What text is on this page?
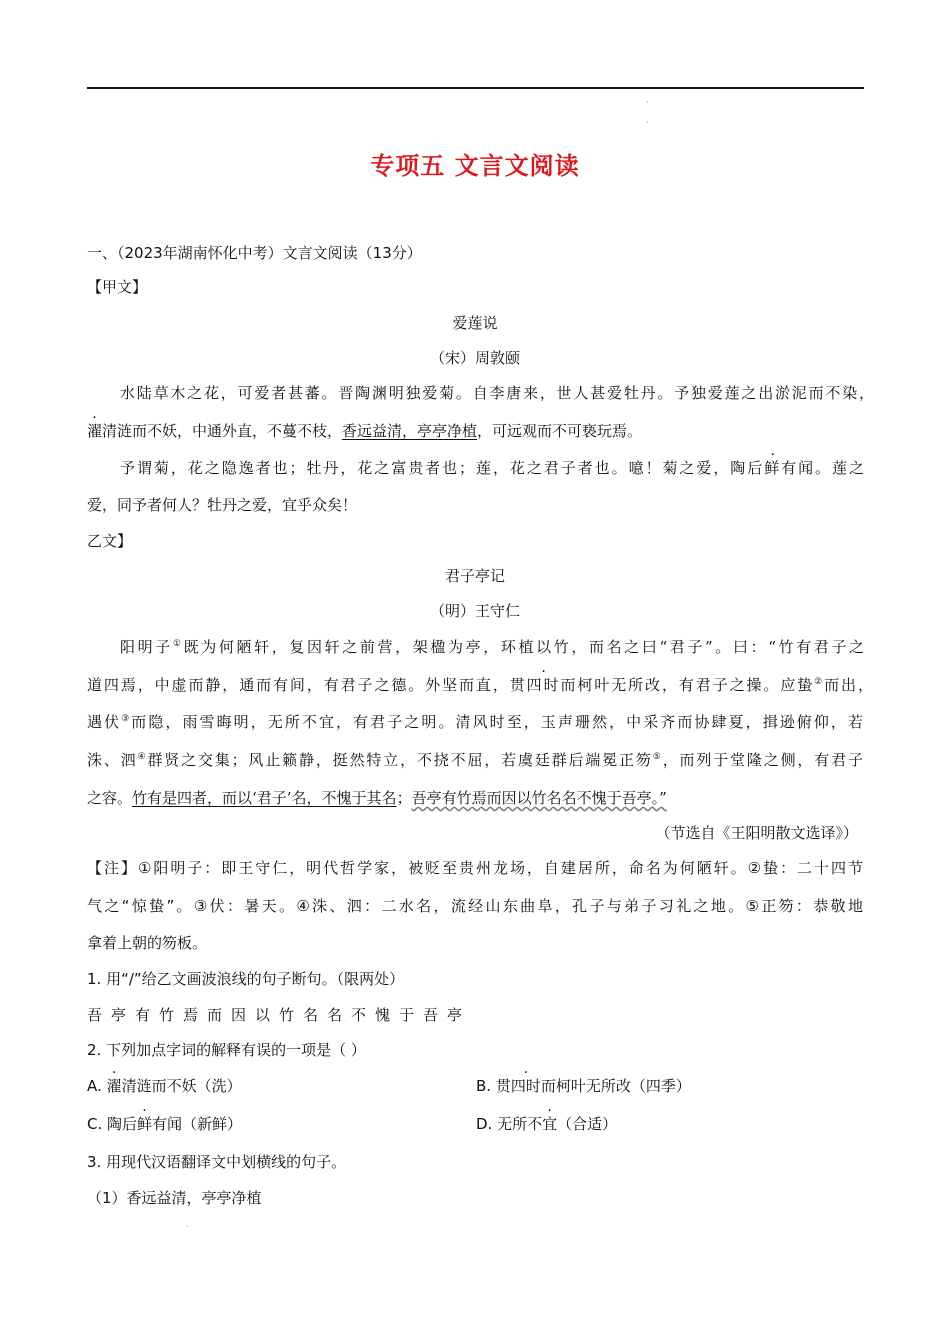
·
·
专项五 文言文阅读
一、（2023年湖南怀化中考）文言文阅读（13分）
【甲文】
爱莲说
（宋）周敦颐
水陆草木之花，可爱者甚蕃。晋陶渊明独爱菊。自李唐来，世人甚爱牡丹。予独爱莲之出淤泥而不染，
濯清涟而不妖，中通外直，不蔓不枝，香远益清，亭亭净植，可远观而不可亵玩焉。
予谓菊，花之隐逸者也；牡丹，花之富贵者也；莲，花之君子者也。噫！菊之爱，陶后鲜有闻。莲之
爱，同予者何人？牡丹之爱，宜乎众矣！
乙文】
君子亭记
（明）王守仁
阳明子①既为何陋轩，复因轩之前营，架楹为亭，环植以竹，而名之曰“君子”。曰：“竹有君子之
道四焉，中虚而静，通而有间，有君子之德。外坚而直，贯四时而柯叶无所改，有君子之操。应蛰②而出，
遇伏③而隐，雨雪晦明，无所不宜，有君子之明。清风时至，玉声珊然，中采齐而协肆夏，揖逊俯仰，若
洙、泗④群贤之交集；风止籁静，挺然特立，不挠不屈，若虞廷群后端冕正笏⑤，而列于堂隆之侧，有君子
之容。竹有是四者，而以‘君子’名，不愧于其名；吾亭有竹焉而因以竹名名不愧于吾亭。”
（节选自《王阳明散文选译》）
【注】①阳明子：即王守仁，明代哲学家，被贬至贵州龙场，自建居所，命名为何陋轩。②蛰：二十四节
气之“惊蛰”。③伏：暑天。④洙、泗：二水名，流经山东曲阜，孔子与弟子习礼之地。⑤正笏：恭敬地
拿着上朝的笏板。
1. 用“/”给乙文画波浪线的句子断句。（限两处）
吾亭有竹焉而因以竹名名不愧于吾亭
2. 下列加点字词的解释有误的一项是（ ）
A. 濯清涟而不妖（洗）	B. 贯四时而柯叶无所改（四季）
C. 陶后鲜有闻（新鲜）	D. 无所不宜（合适）
3. 用现代汉语翻译文中划横线的句子。
（1）香远益清，亭亭净植
·
